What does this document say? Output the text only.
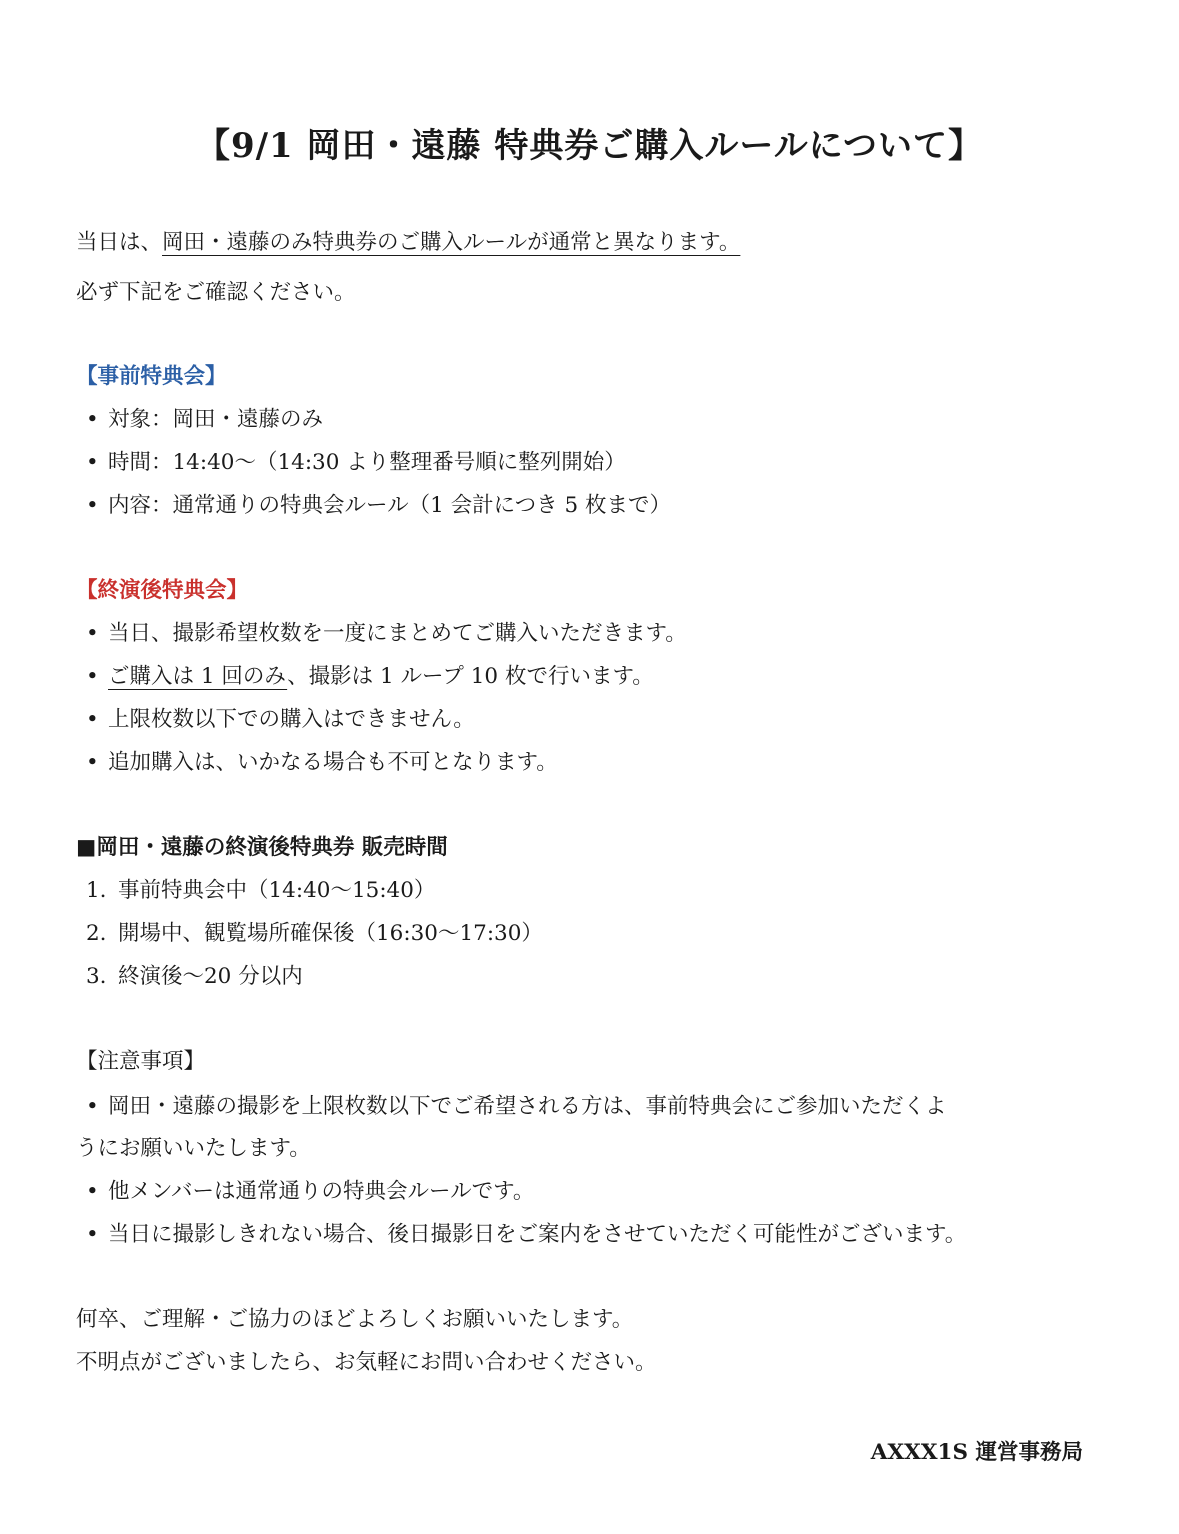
【9/1 岡田・遠藤 特典券ご購入ルールについて】
当日は、岡田・遠藤のみ特典券のご購入ルールが通常と異なります。
必ず下記をご確認ください。
【事前特典会】
• 対象：岡田・遠藤のみ
• 時間：14:40〜（14:30 より整理番号順に整列開始）
• 内容：通常通りの特典会ルール（1 会計につき 5 枚まで）
【終演後特典会】
• 当日、撮影希望枚数を一度にまとめてご購入いただきます。
• ご購入は 1 回のみ、撮影は 1 ループ 10 枚で行います。
• 上限枚数以下での購入はできません。
• 追加購入は、いかなる場合も不可となります。
■岡田・遠藤の終演後特典券 販売時間
1. 事前特典会中（14:40〜15:40）
2. 開場中、観覧場所確保後（16:30〜17:30）
3. 終演後〜20 分以内
【注意事項】
• 岡田・遠藤の撮影を上限枚数以下でご希望される方は、事前特典会にご参加いただくよ
うにお願いいたします。
• 他メンバーは通常通りの特典会ルールです。
• 当日に撮影しきれない場合、後日撮影日をご案内をさせていただく可能性がございます。
何卒、ご理解・ご協力のほどよろしくお願いいたします。
不明点がございましたら、お気軽にお問い合わせください。
AXXX1S 運営事務局
